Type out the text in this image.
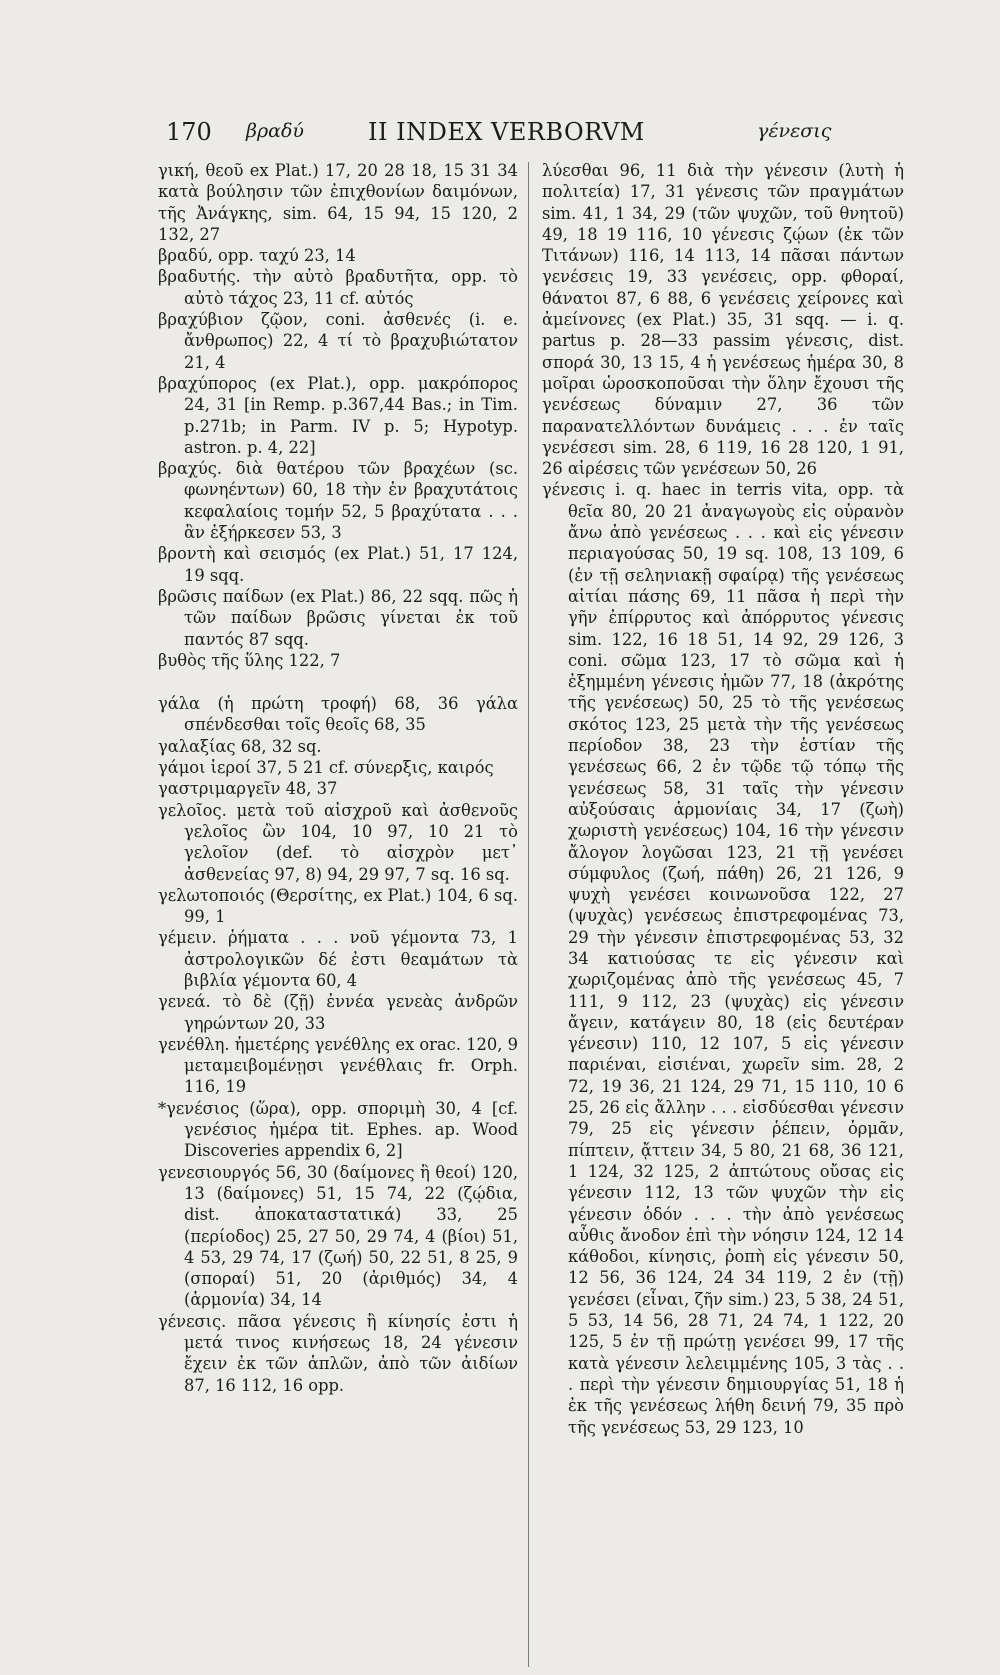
170 βραδύ	II INDEX VERBORVM	γένεσις

γική, θεοῦ ex Plat.) 17, 20 28 18, 15 31 34 κατὰ βούλησιν τῶν ἐπιχθονίων δαιμόνων, τῆς Ἀνάγκης, sim. 64, 15 94, 15 120, 2 132, 27

βραδύ, opp. ταχύ 23, 14

βραδυτής. τὴν αὐτὸ βραδυτῆτα, opp. τὸ αὐτὸ τάχος 23, 11 cf. αὐτός

βραχύβιον ζῷον, coni. ἀσθενές (i. e. ἄνθρωπος) 22, 4 τί τὸ βραχυβιώτατον 21, 4

βραχύπορος (ex Plat.), opp. μακρόπορος 24, 31 [in Remp. p.367,44 Bas.; in Tim. p.271b; in Parm. IV p. 5; Hypotyp. astron. p. 4, 22]

βραχύς. διὰ θατέρου τῶν βραχέων (sc. φωνηέντων) 60, 18 τὴν ἐν βραχυτάτοις κεφαλαίοις τομήν 52, 5 βραχύτατα . . . ἂν ἐξήρκεσεν 53, 3

βροντὴ καὶ σεισμός (ex Plat.) 51, 17 124, 19 sqq.

βρῶσις παίδων (ex Plat.) 86, 22 sqq. πῶς ἡ τῶν παίδων βρῶσις γίνεται ἐκ τοῦ παντός 87 sqq.

βυθὸς τῆς ὕλης 122, 7

γάλα (ἡ πρώτη τροφή) 68, 36 γάλα σπένδεσθαι τοῖς θεοῖς 68, 35

γαλαξίας 68, 32 sq.

γάμοι ἱεροί 37, 5 21 cf. σύνερξις, καιρός

γαστριμαργεῖν 48, 37

γελοῖος. μετὰ τοῦ αἰσχροῦ καὶ ἀσθενοῦς γελοῖος ὢν 104, 10 97, 10 21 τὸ γελοῖον (def. τὸ αἰσχρὸν μετ᾿ ἀσθενείας 97, 8) 94, 29 97, 7 sq. 16 sq.

γελωτοποιός (Θερσίτης, ex Plat.) 104, 6 sq. 99, 1

γέμειν. ῥήματα . . . νοῦ γέμοντα 73, 1 ἀστρολογικῶν δέ ἐστι θεαμάτων τὰ βιβλία γέμοντα 60, 4

γενεά. τὸ δὲ (ζῇ) ἐννέα γενεὰς ἀνδρῶν γηρώντων 20, 33

γενέθλη. ἡμετέρης γενέθλης ex orac. 120, 9 μεταμειβομένῃσι γενέθλαις fr. Orph. 116, 19

*γενέσιος (ὥρα), opp. σποριμὴ 30, 4 [cf. γενέσιος ἡμέρα tit. Ephes. ap. Wood Discoveries appendix 6, 2]

γενεσιουργός 56, 30 (δαίμονες ἢ θεοί) 120, 13 (δαίμονες) 51, 15 74, 22 (ζῴδια, dist. ἀποκαταστατικά) 33, 25 (περίοδος) 25, 27 50, 29 74, 4 (βίοι) 51, 4 53, 29 74, 17 (ζωή) 50, 22 51, 8 25, 9 (σποραί) 51, 20 (ἀριθμός) 34, 4 (ἁρμονία) 34, 14

γένεσις. πᾶσα γένεσις ἢ κίνησίς ἐστι ἡ μετά τινος κινήσεως 18, 24 γένεσιν ἔχειν ἐκ τῶν ἁπλῶν, ἀπὸ τῶν ἀιδίων 87, 16 112, 16 opp.

λύεσθαι 96, 11 διὰ τὴν γένεσιν (λυτὴ ἡ πολιτεία) 17, 31 γένεσις τῶν πραγμάτων sim. 41, 1 34, 29 (τῶν ψυχῶν, τοῦ θνητοῦ) 49, 18 19 116, 10 γένεσις ζῴων (ἐκ τῶν Τιτάνων) 116, 14 113, 14 πᾶσαι πάντων γενέσεις 19, 33 γενέσεις, opp. φθοραί, θάνατοι 87, 6 88, 6 γενέσεις χείρονες καὶ ἀμείνονες (ex Plat.) 35, 31 sqq. — i. q. partus p. 28—33 passim γένεσις, dist. σπορά 30, 13 15, 4 ἡ γενέσεως ἡμέρα 30, 8 μοῖραι ὡροσκοποῦσαι τὴν ὅλην ἔχουσι τῆς γενέσεως δύναμιν 27, 36 τῶν παρανατελλόντων δυνάμεις . . . ἐν ταῖς γενέσεσι sim. 28, 6 119, 16 28 120, 1 91, 26 αἱρέσεις τῶν γενέσεων 50, 26

γένεσις i. q. haec in terris vita, opp. τὰ θεῖα 80, 20 21 ἀναγωγοὺς εἰς οὐρανὸν ἄνω ἀπὸ γενέσεως . . . καὶ εἰς γένεσιν περιαγούσας 50, 19 sq. 108, 13 109, 6 (ἐν τῇ σεληνιακῇ σφαίρᾳ) τῆς γενέσεως αἰτίαι πάσης 69, 11 πᾶσα ἡ περὶ τὴν γῆν ἐπίρρυτος καὶ ἀπόρρυτος γένεσις sim. 122, 16 18 51, 14 92, 29 126, 3 coni. σῶμα 123, 17 τὸ σῶμα καὶ ἡ ἐξημμένη γένεσις ἡμῶν 77, 18 (ἀκρότης τῆς γενέσεως) 50, 25 τὸ τῆς γενέσεως σκότος 123, 25 μετὰ τὴν τῆς γενέσεως περίοδον 38, 23 τὴν ἑστίαν τῆς γενέσεως 66, 2 ἐν τῷδε τῷ τόπῳ τῆς γενέσεως 58, 31 ταῖς τὴν γένεσιν αὐξούσαις ἁρμονίαις 34, 17 (ζωὴ) χωριστὴ γενέσεως) 104, 16 τὴν γένεσιν ἄλογον λογῶσαι 123, 21 τῇ γενέσει σύμφυλος (ζωή, πάθη) 26, 21 126, 9 ψυχὴ γενέσει κοινωνοῦσα 122, 27 (ψυχὰς) γενέσεως ἐπιστρεφομένας 73, 29 τὴν γένεσιν ἐπιστρεφομένας 53, 32 34 κατιούσας τε εἰς γένεσιν καὶ χωριζομένας ἀπὸ τῆς γενέσεως 45, 7 111, 9 112, 23 (ψυχὰς) εἰς γένεσιν ἄγειν, κατάγειν 80, 18 (εἰς δευτέραν γένεσιν) 110, 12 107, 5 εἰς γένεσιν παριέναι, εἰσιέναι, χωρεῖν sim. 28, 2 72, 19 36, 21 124, 29 71, 15 110, 10 6 25, 26 εἰς ἄλλην . . . εἰσδύεσθαι γένεσιν 79, 25 εἰς γένεσιν ῥέπειν, ὁρμᾶν, πίπτειν, ᾄττειν 34, 5 80, 21 68, 36 121, 1 124, 32 125, 2 ἀπτώτους οὔσας εἰς γένεσιν 112, 13 τῶν ψυχῶν τὴν εἰς γένεσιν ὁδόν . . . τὴν ἀπὸ γενέσεως αὖθις ἄνοδον ἐπὶ τὴν νόησιν 124, 12 14 κάθοδοι, κίνησις, ῥοπὴ εἰς γένεσιν 50, 12 56, 36 124, 24 34 119, 2 ἐν (τῇ) γενέσει (εἶναι, ζῆν sim.) 23, 5 38, 24 51, 5 53, 14 56, 28 71, 24 74, 1 122, 20 125, 5 ἐν τῇ πρώτῃ γενέσει 99, 17 τῆς κατὰ γένεσιν λελειμμένης 105, 3 τὰς . . . περὶ τὴν γένεσιν δημιουργίας 51, 18 ἡ ἐκ τῆς γενέσεως λήθη δεινή 79, 35 πρὸ τῆς γενέσεως 53, 29 123, 10
